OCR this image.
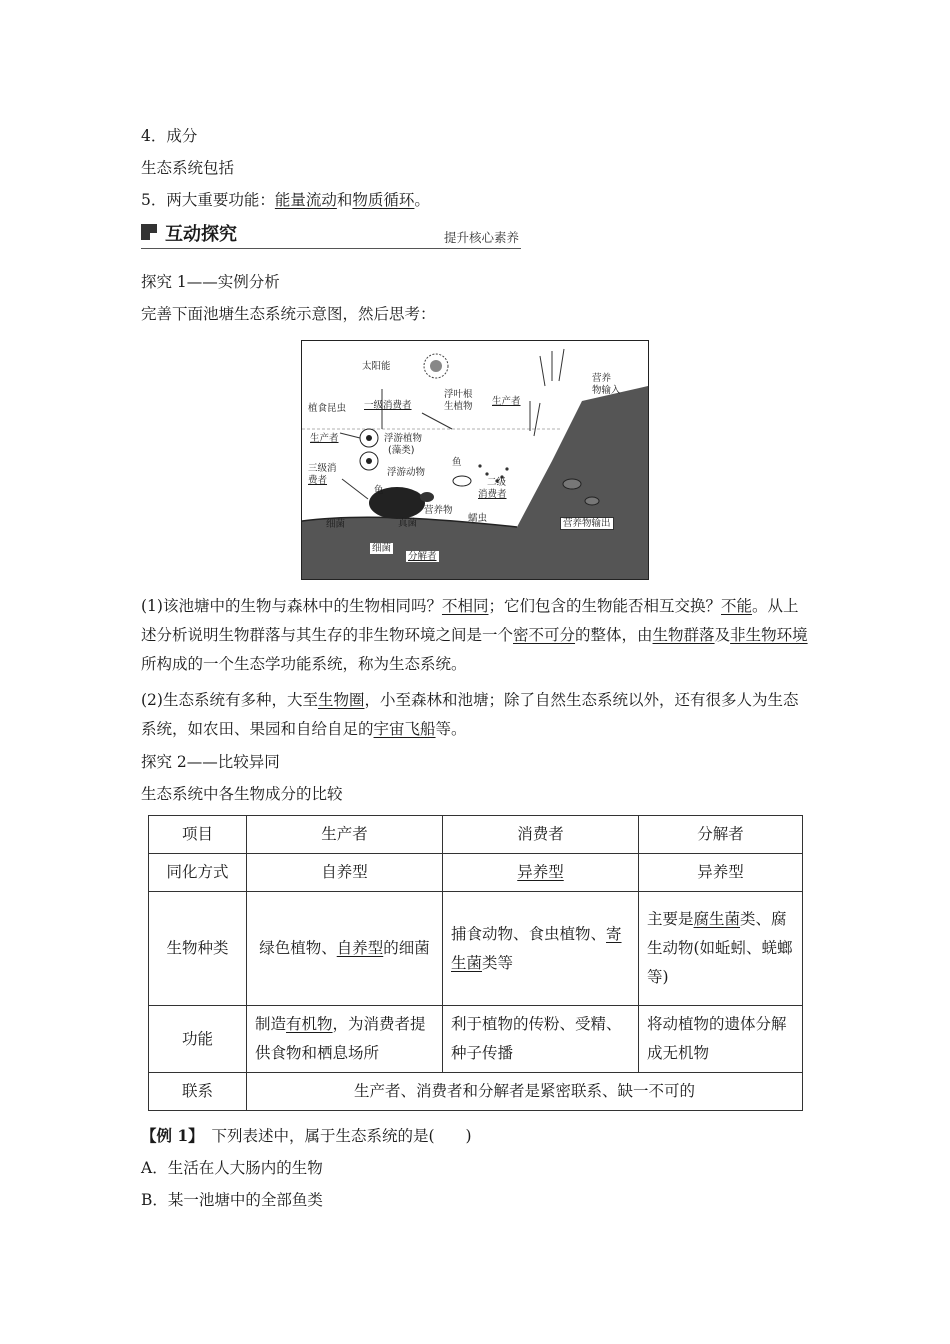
4．成分
生态系统包括
5．两大重要功能：能量流动和物质循环。
互动探究	提升核心素养
探究 1——实例分析
完善下面池塘生态系统示意图，然后思考：
太阳能
植食昆虫 一级消费者
浮叶根
生植物 生产者
营养
物输入
生产者	浮游植物
(藻类)
三级消
费者
浮游动物
鱼
龟
二级
消费者
细菌	真菌
营养物
蠕虫	营养物输出
细菌
分解者
(1)该池塘中的生物与森林中的生物相同吗？不相同；它们包含的生物能否相互交换？不能。从上述分析说明生物群落与其生存的非生物环境之间是一个密不可分的整体，由生物群落及非生物环境所构成的一个生态学功能系统，称为生态系统。
(2)生态系统有多种，大至生物圈，小至森林和池塘；除了自然生态系统以外，还有很多人为生态系统，如农田、果园和自给自足的宇宙飞船等。
探究 2——比较异同
生态系统中各生物成分的比较
项目	生产者	消费者	分解者
同化方式	自养型	异养型	异养型
生物种类	绿色植物、自养型的细菌	捕食动物、食虫植物、寄生菌类等	主要是腐生菌类、腐生动物(如蚯蚓、蜣螂等)
功能	制造有机物，为消费者提供食物和栖息场所	利于植物的传粉、受精、种子传播	将动植物的遗体分解成无机物
联系	生产者、消费者和分解者是紧密联系、缺一不可的		
【例 1】　 下列表述中，属于生态系统的是(　　)
A．生活在人大肠内的生物
B．某一池塘中的全部鱼类
